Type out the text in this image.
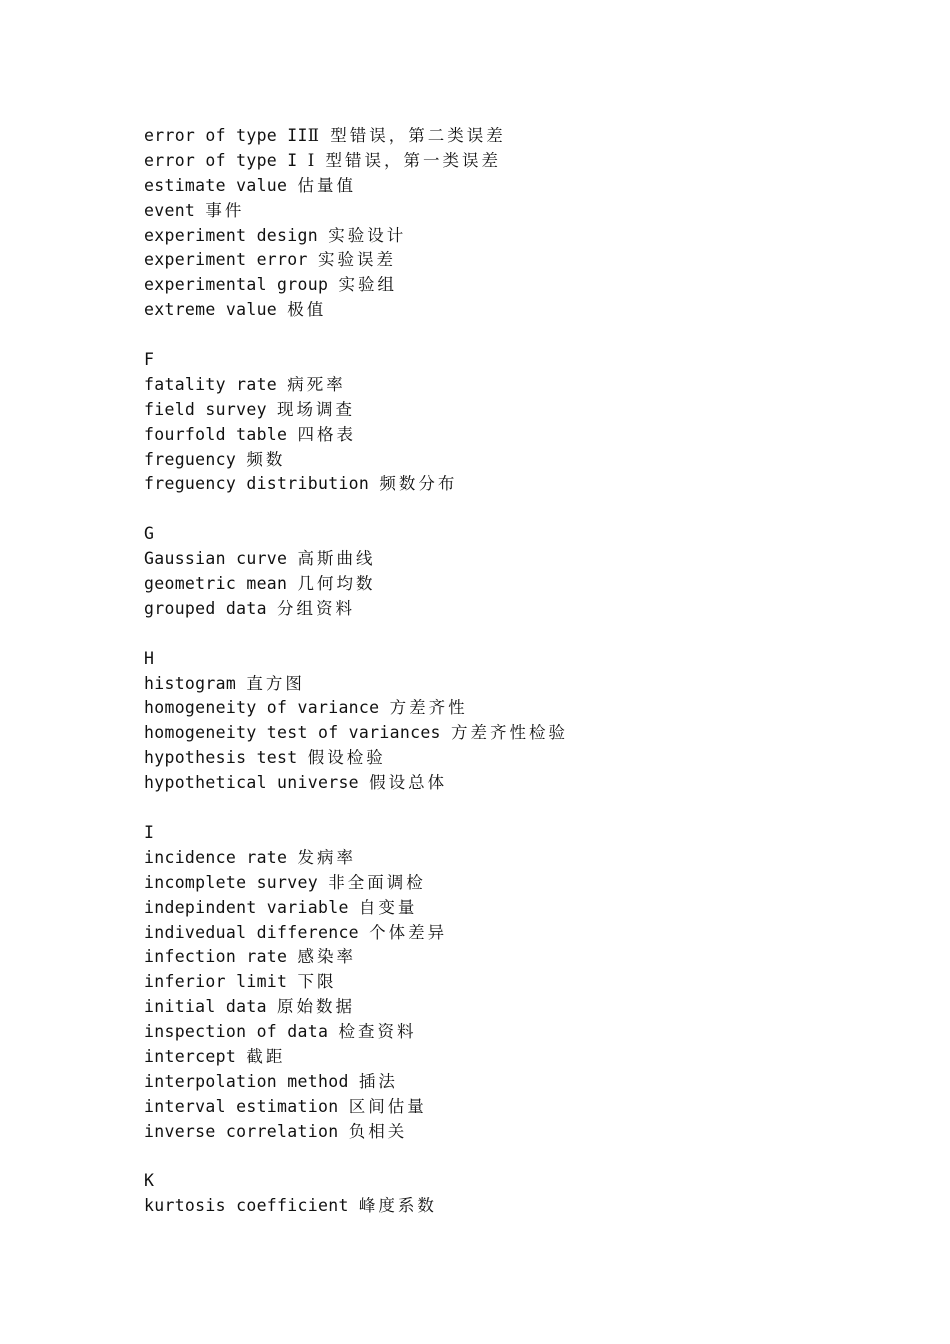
error of type IIⅡ 型错误，第二类误差
error of type I Ⅰ 型错误，第一类误差
estimate value 估量值
event 事件
experiment design 实验设计
experiment error 实验误差
experimental group 实验组
extreme value 极值
F
fatality rate 病死率
field survey 现场调查
fourfold table 四格表
freguency 频数
freguency distribution 频数分布
G
Gaussian curve 高斯曲线
geometric mean 几何均数
grouped data 分组资料
H
histogram 直方图
homogeneity of variance 方差齐性
homogeneity test of variances 方差齐性检验
hypothesis test 假设检验
hypothetical universe 假设总体
I
incidence rate 发病率
incomplete survey 非全面调检
indepindent variable 自变量
indivedual difference 个体差异
infection rate 感染率
inferior limit 下限
initial data 原始数据
inspection of data 检查资料
intercept 截距
interpolation method 插法
interval estimation 区间估量
inverse correlation 负相关
K
kurtosis coefficient 峰度系数
